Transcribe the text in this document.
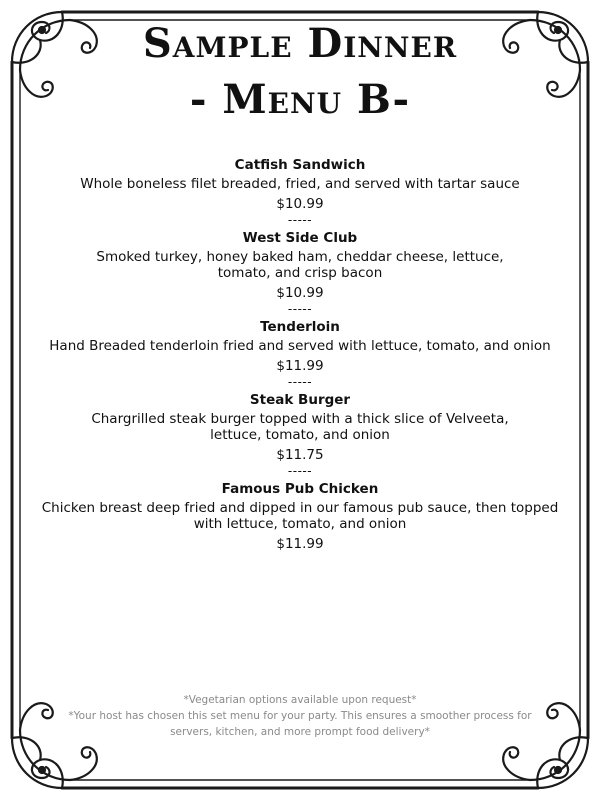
Sample Dinner
- Menu B-
Catfish Sandwich
Whole boneless filet breaded, fried, and served with tartar sauce
$10.99
-----
West Side Club
Smoked turkey, honey baked ham, cheddar cheese, lettuce,
tomato, and crisp bacon
$10.99
-----
Tenderloin
Hand Breaded tenderloin fried and served with lettuce, tomato, and onion
$11.99
-----
Steak Burger
Chargrilled steak burger topped with a thick slice of Velveeta,
lettuce, tomato, and onion
$11.75
-----
Famous Pub Chicken
Chicken breast deep fried and dipped in our famous pub sauce, then topped
with lettuce, tomato, and onion
$11.99
*Vegetarian options available upon request*
*Your host has chosen this set menu for your party. This ensures a smoother process for
servers, kitchen, and more prompt food delivery*
